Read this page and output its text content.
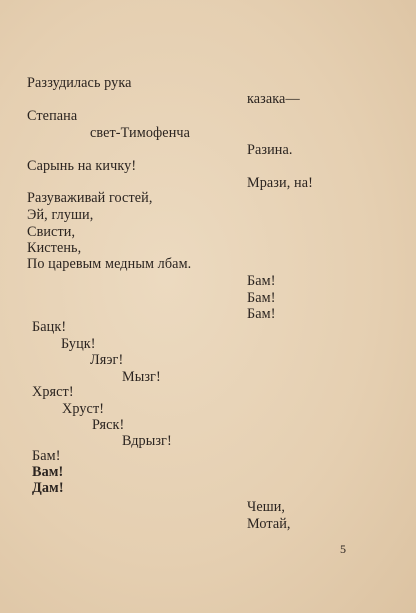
Раззудилась рука
Степана
свет-Тимофенча
Сарынь на кичку!
Разуваживай гостей,
Эй, глуши,
Свисти,
Кистень,
По царевым медным лбам.
Бацк!
Буцк!
Ляэг!
Мызг!
Хряст!
Хруст!
Ряск!
Вдрызг!
Бам!
Вам!
Дам!
казака—
Разина.
Мрази, на!
Бам!
Бам!
Бам!
Чеши,
Мотай,
5
